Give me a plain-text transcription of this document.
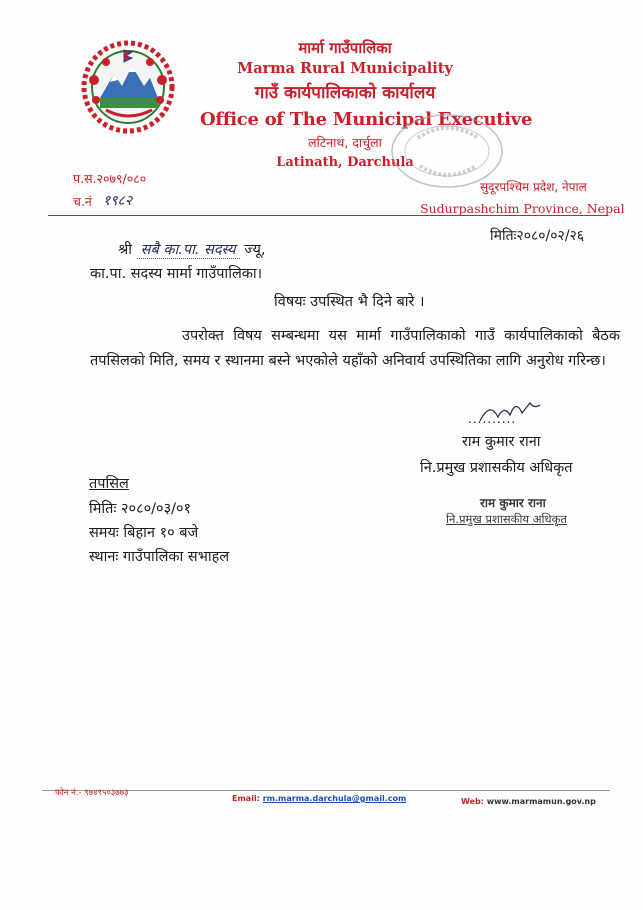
मार्मा गाउँपालिका
Marma Rural Municipality
गाउँ कार्यपालिकाको कार्यालय
Office of The Municipal Executive
लटिनाथ, दार्चुला
Latinath, Darchula
प.स.२०७९/०८०
च.नं १९८२
सुदूरपश्चिम प्रदेश, नेपाल
Sudurpashchim Province, Nepal
मितिः२०८०/०२/२६
श्री सबै का.पा. सदस्य ज्यू,
का.पा. सदस्य मार्मा गाउँपालिका।
विषयः उपस्थित भै दिने बारे ।
उपरोक्त विषय सम्बन्धमा यस मार्मा गाउँपालिकाको गाउँ कार्यपालिकाको बैठक तपसिलको मिति, समय र स्थानमा बस्ने भएकोले यहाँको अनिवार्य उपस्थितिका लागि अनुरोध गरिन्छ।
..........
राम कुमार राना
नि.प्रमुख प्रशासकीय अधिकृत
राम कुमार राना
नि.प्रमुख प्रशासकीय अधिकृत
तपसिल
मितिः २०८०/०३/०१
समयः बिहान १० बजे
स्थानः गाउँपालिका सभाहल
फोन नं.- ९७४९५०३७७३
Email: rm.marma.darchula@gmail.com	Web: www.marmamun.gov.np
